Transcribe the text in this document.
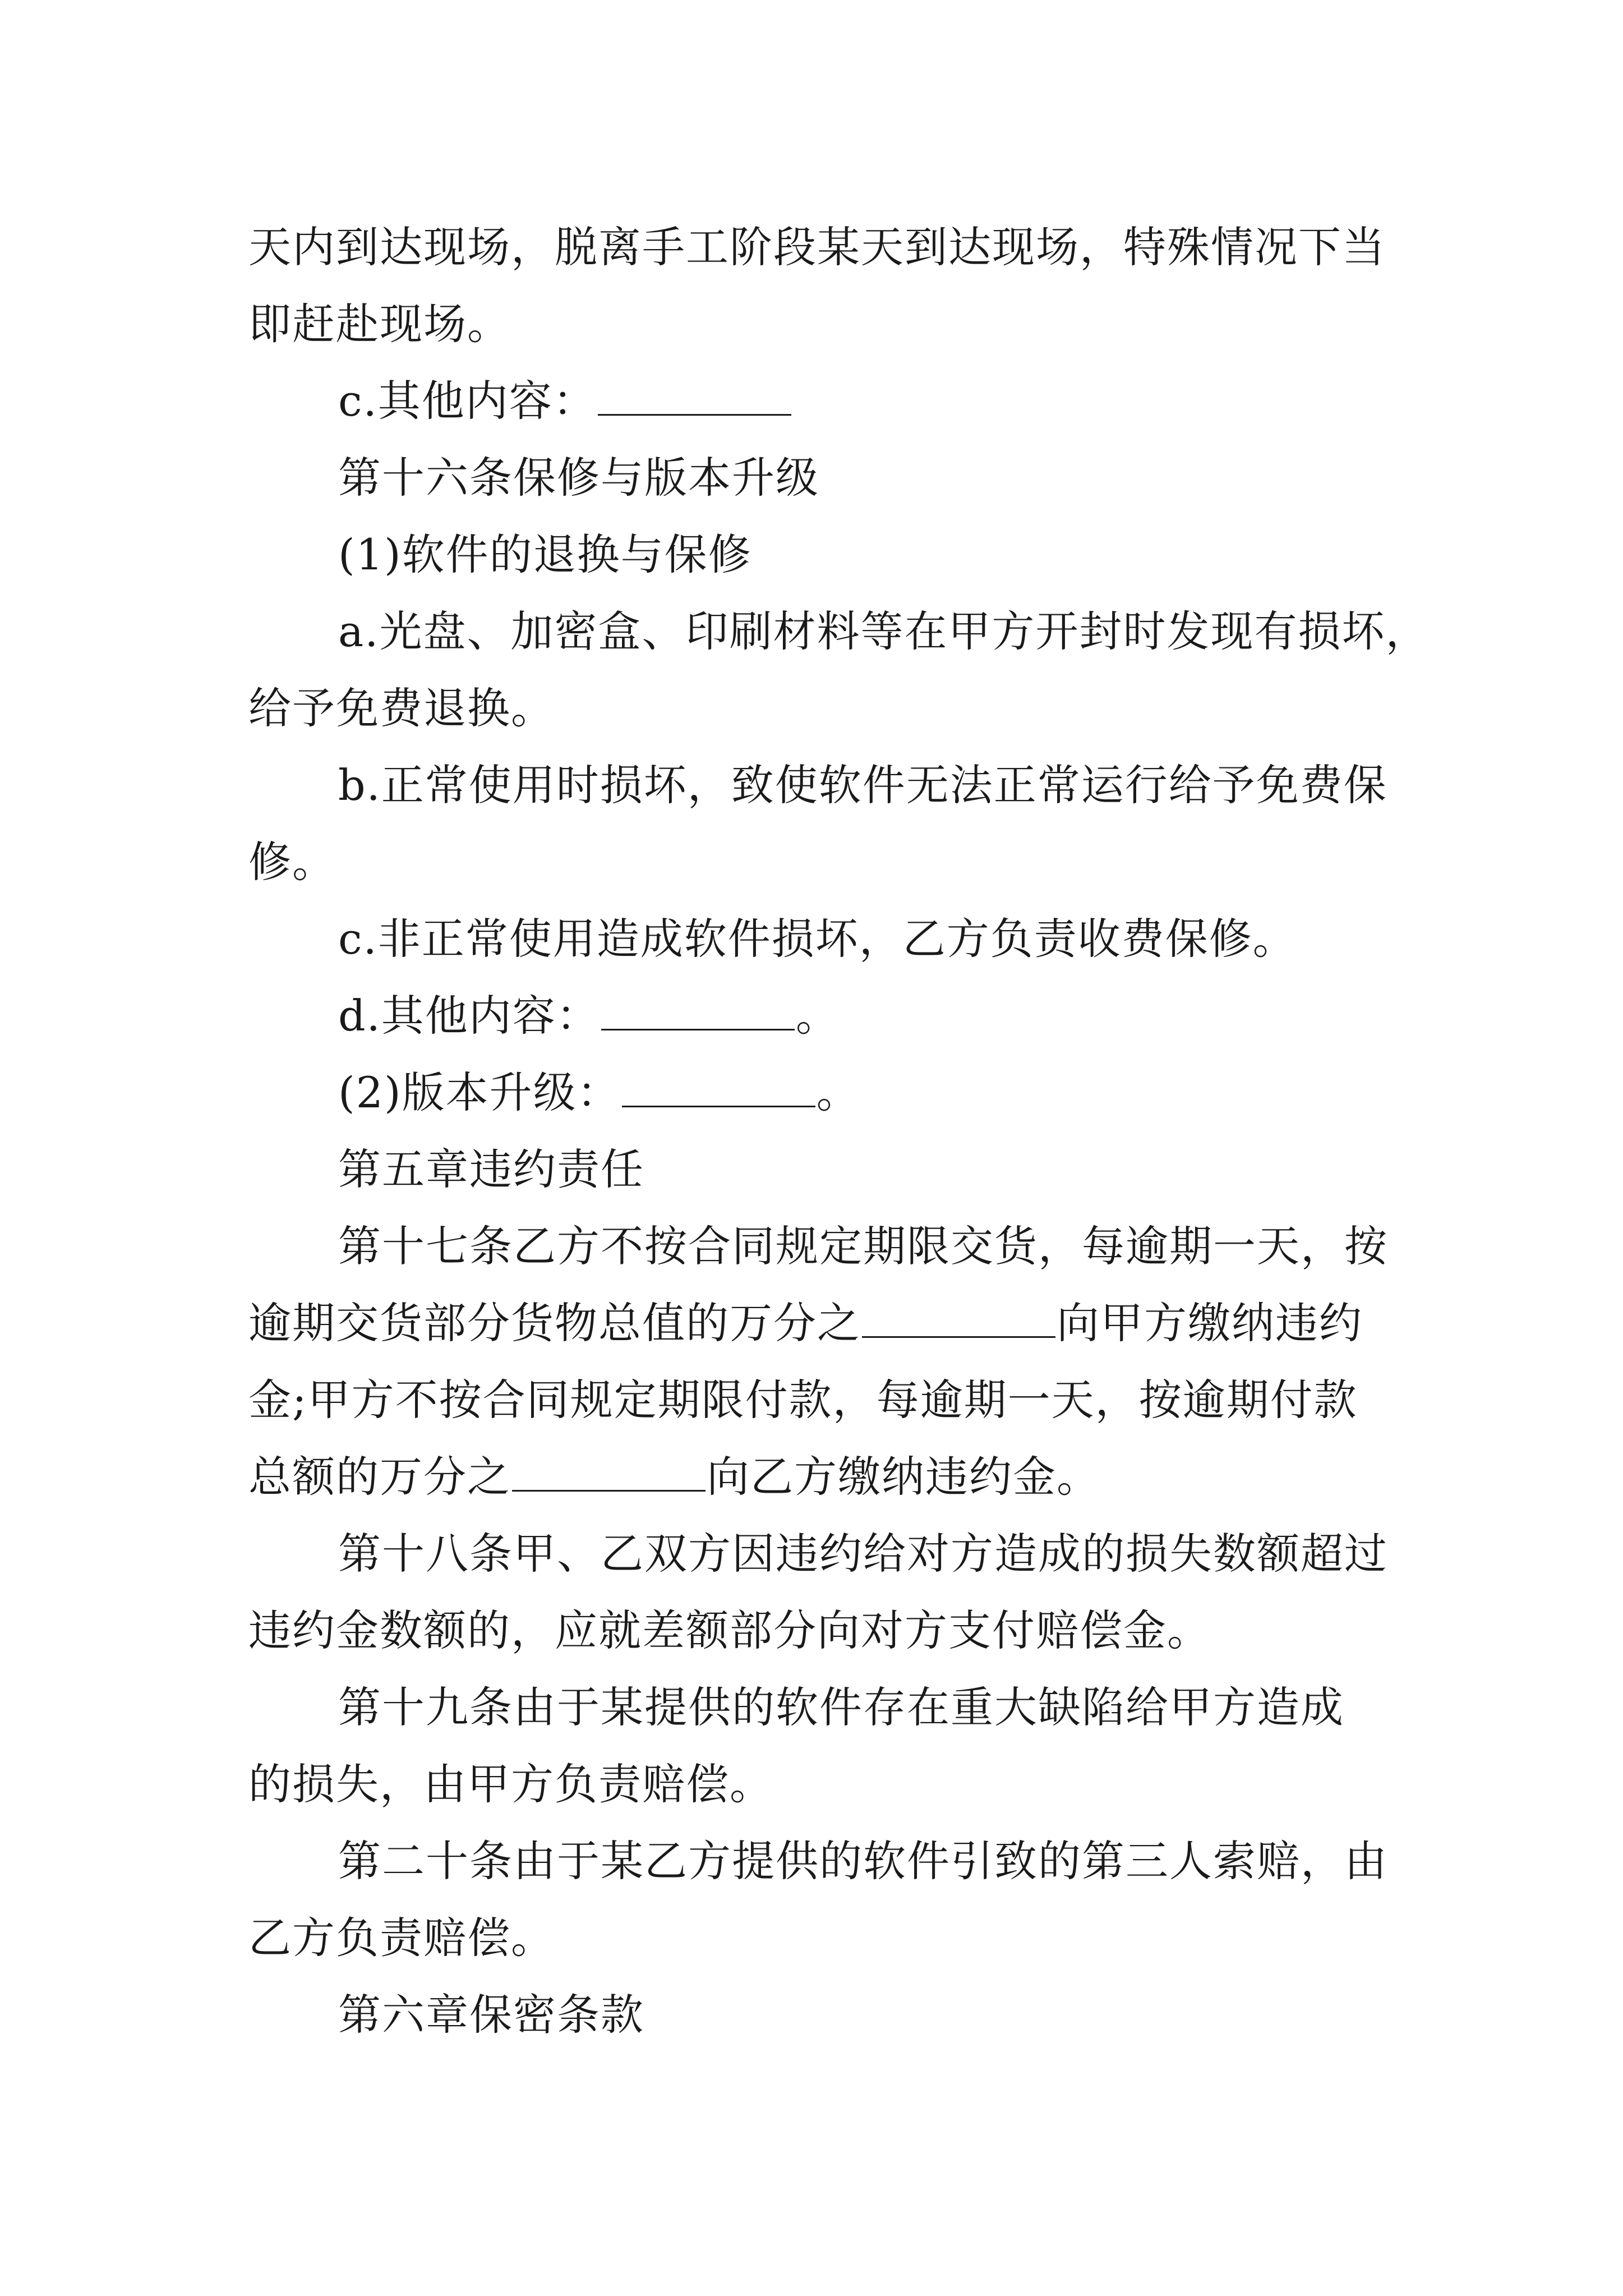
天内到达现场，脱离手工阶段某天到达现场，特殊情况下当
即赶赴现场。
c.其他内容：
第十六条保修与版本升级
(1)软件的退换与保修
a.光盘、加密盒、印刷材料等在甲方开封时发现有损坏，
给予免费退换。
b.正常使用时损坏，致使软件无法正常运行给予免费保
修。
c.非正常使用造成软件损坏，乙方负责收费保修。
d.其他内容：	。
(2)版本升级：	。
第五章违约责任
第十七条乙方不按合同规定期限交货，每逾期一天，按
逾期交货部分货物总值的万分之	向甲方缴纳违约
金;甲方不按合同规定期限付款，每逾期一天，按逾期付款
总额的万分之	向乙方缴纳违约金。
第十八条甲、乙双方因违约给对方造成的损失数额超过
违约金数额的，应就差额部分向对方支付赔偿金。
第十九条由于某提供的软件存在重大缺陷给甲方造成
的损失，由甲方负责赔偿。
第二十条由于某乙方提供的软件引致的第三人索赔，由
乙方负责赔偿。
第六章保密条款
